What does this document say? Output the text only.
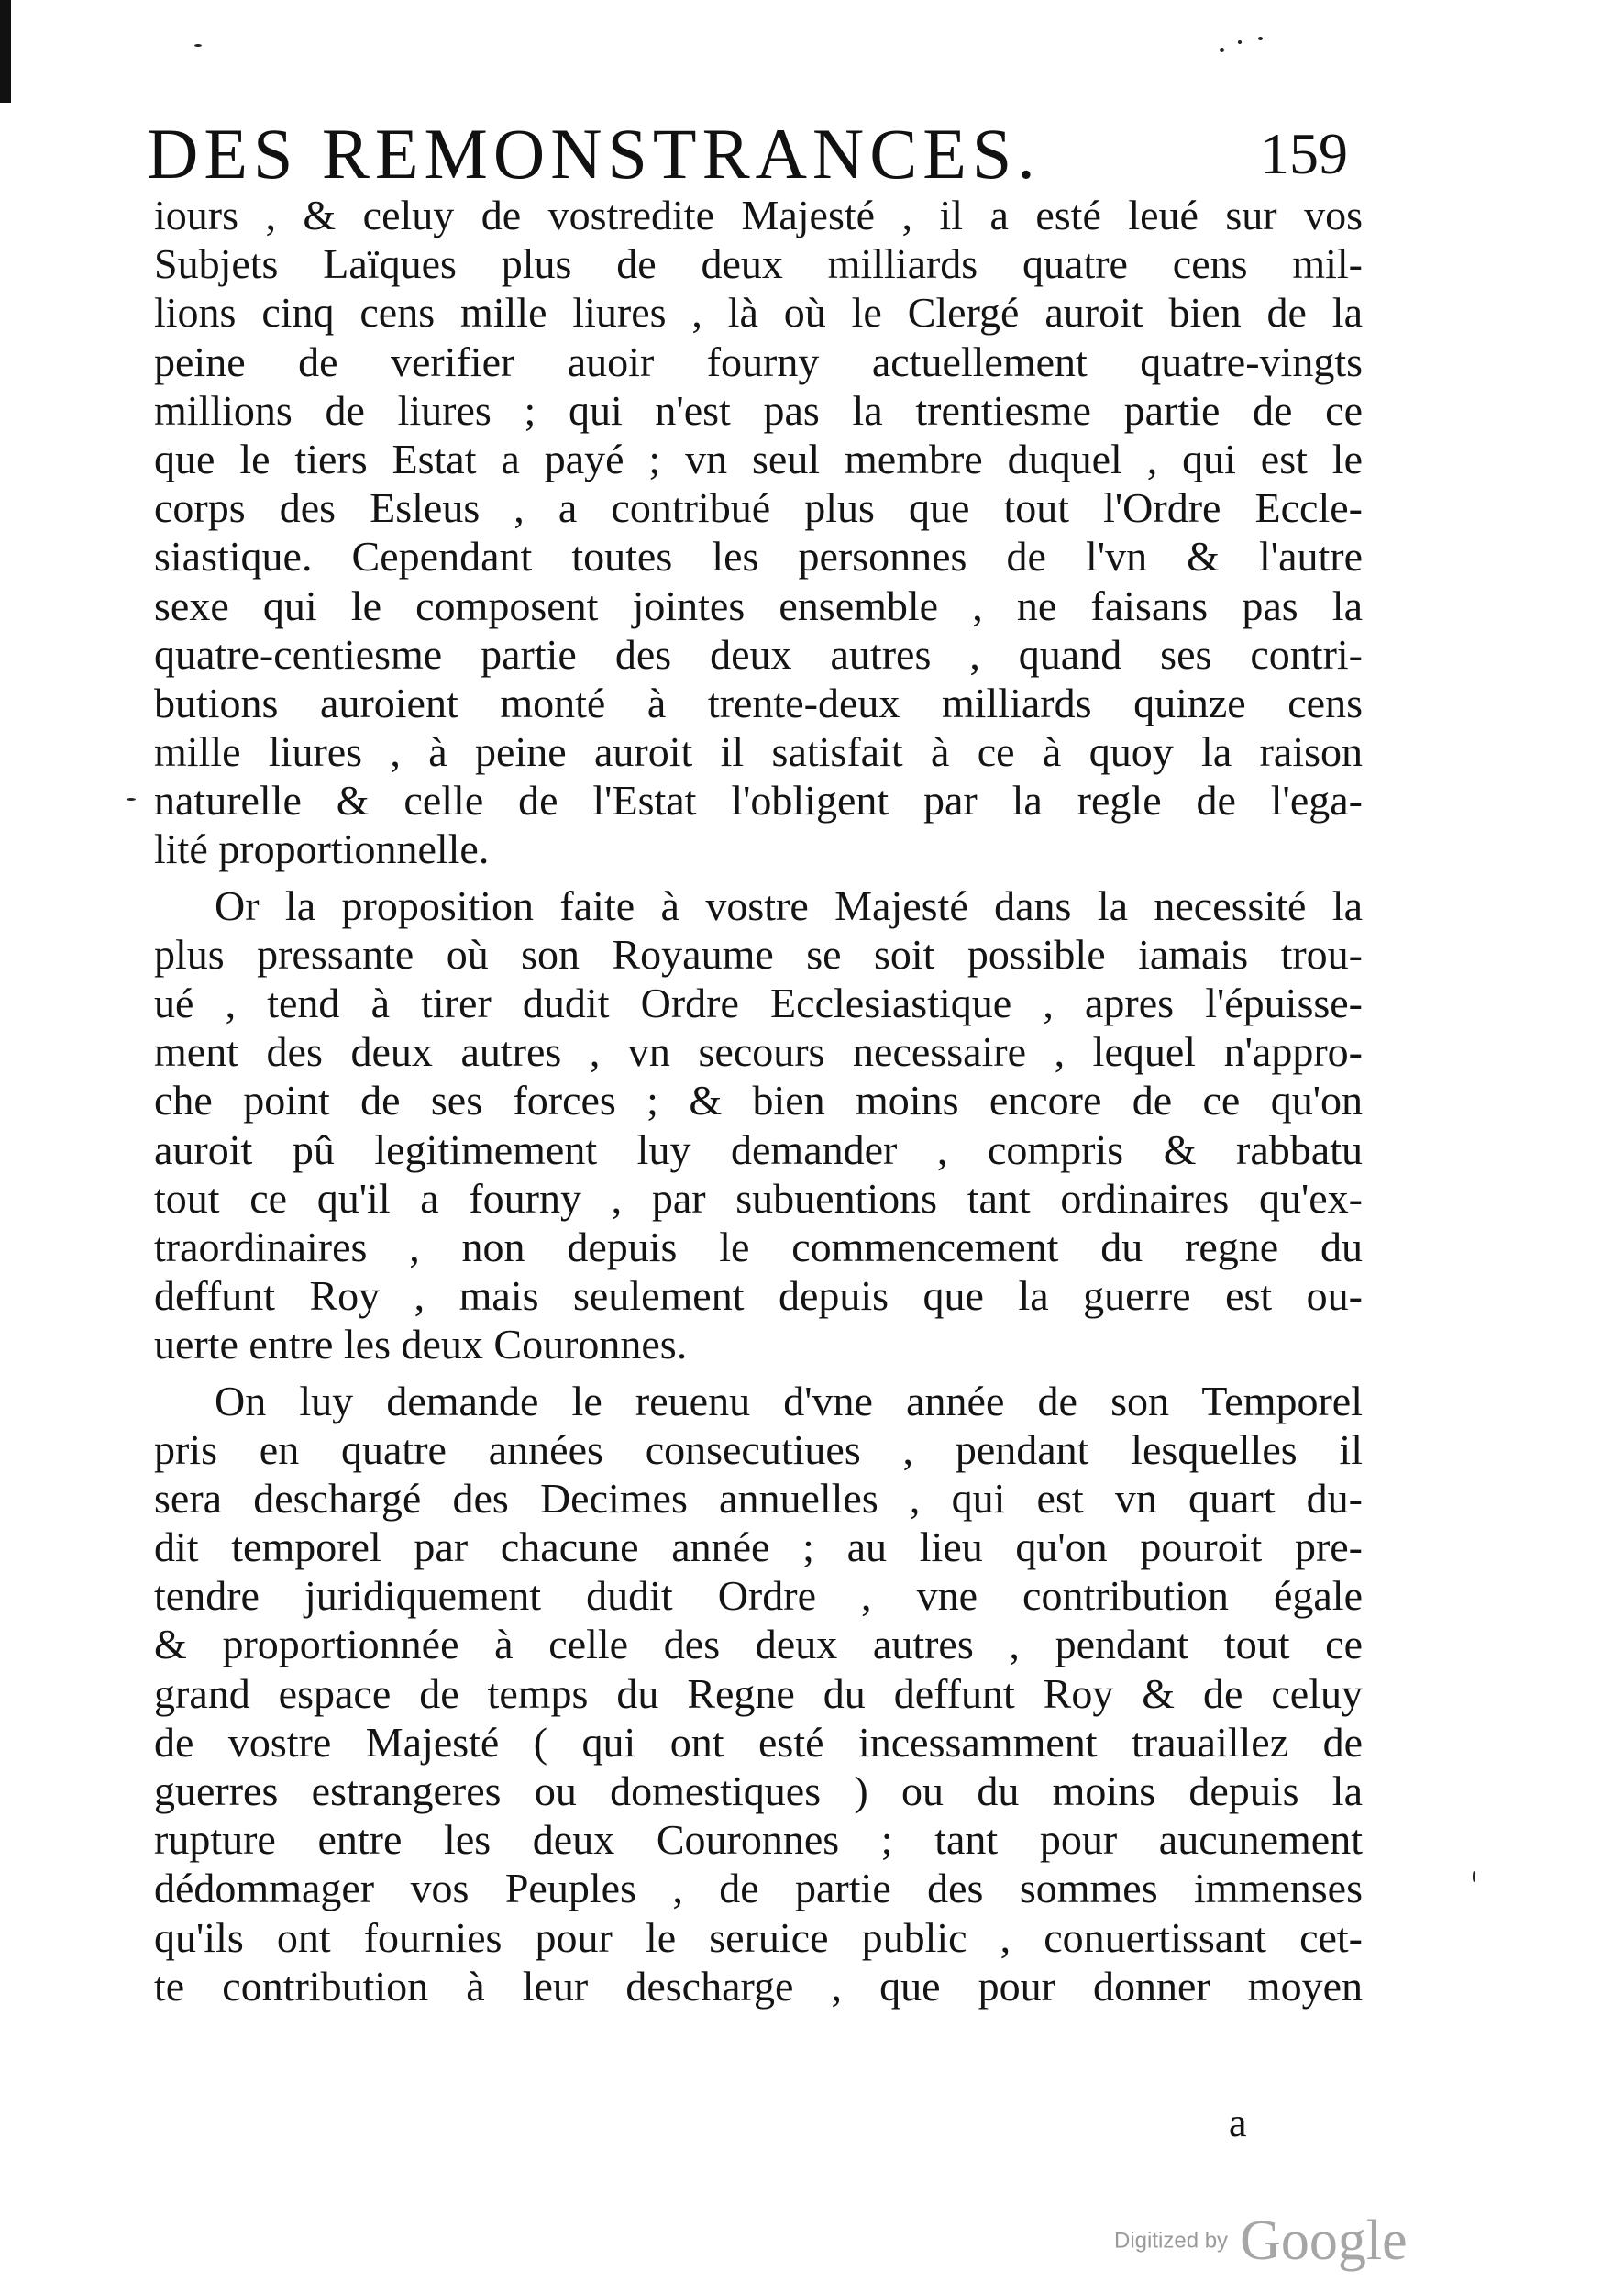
DES REMONSTRANCES.	159
iours , & celuy de vostredite Majesté , il a esté leué sur vos
Subjets Laïques plus de deux milliards quatre cens mil-
lions cinq cens mille liures , là où le Clergé auroit bien de la
peine de verifier auoir fourny actuellement quatre-vingts
millions de liures ; qui n'est pas la trentiesme partie de ce
que le tiers Estat a payé ; vn seul membre duquel , qui est le
corps des Esleus , a contribué plus que tout l'Ordre Eccle-
siastique. Cependant toutes les personnes de l'vn & l'autre
sexe qui le composent jointes ensemble , ne faisans pas la
quatre-centiesme partie des deux autres , quand ses contri-
butions auroient monté à trente-deux milliards quinze cens
mille liures , à peine auroit il satisfait à ce à quoy la raison
naturelle & celle de l'Estat l'obligent par la regle de l'ega-
lité proportionnelle.
Or la proposition faite à vostre Majesté dans la necessité la
plus pressante où son Royaume se soit possible iamais trou-
ué , tend à tirer dudit Ordre Ecclesiastique , apres l'épuisse-
ment des deux autres , vn secours necessaire , lequel n'appro-
che point de ses forces ; & bien moins encore de ce qu'on
auroit pû legitimement luy demander , compris & rabbatu
tout ce qu'il a fourny , par subuentions tant ordinaires qu'ex-
traordinaires , non depuis le commencement du regne du
deffunt Roy , mais seulement depuis que la guerre est ou-
uerte entre les deux Couronnes.
On luy demande le reuenu d'vne année de son Temporel
pris en quatre années consecutiues , pendant lesquelles il
sera deschargé des Decimes annuelles , qui est vn quart du-
dit temporel par chacune année ; au lieu qu'on pouroit pre-
tendre juridiquement dudit Ordre , vne contribution égale
& proportionnée à celle des deux autres , pendant tout ce
grand espace de temps du Regne du deffunt Roy & de celuy
de vostre Majesté ( qui ont esté incessamment trauaillez de
guerres estrangeres ou domestiques ) ou du moins depuis la
rupture entre les deux Couronnes ; tant pour aucunement
dédommager vos Peuples , de partie des sommes immenses
qu'ils ont fournies pour le seruice public , conuertissant cet-
te contribution à leur descharge , que pour donner moyen
a
Digitized by Google
